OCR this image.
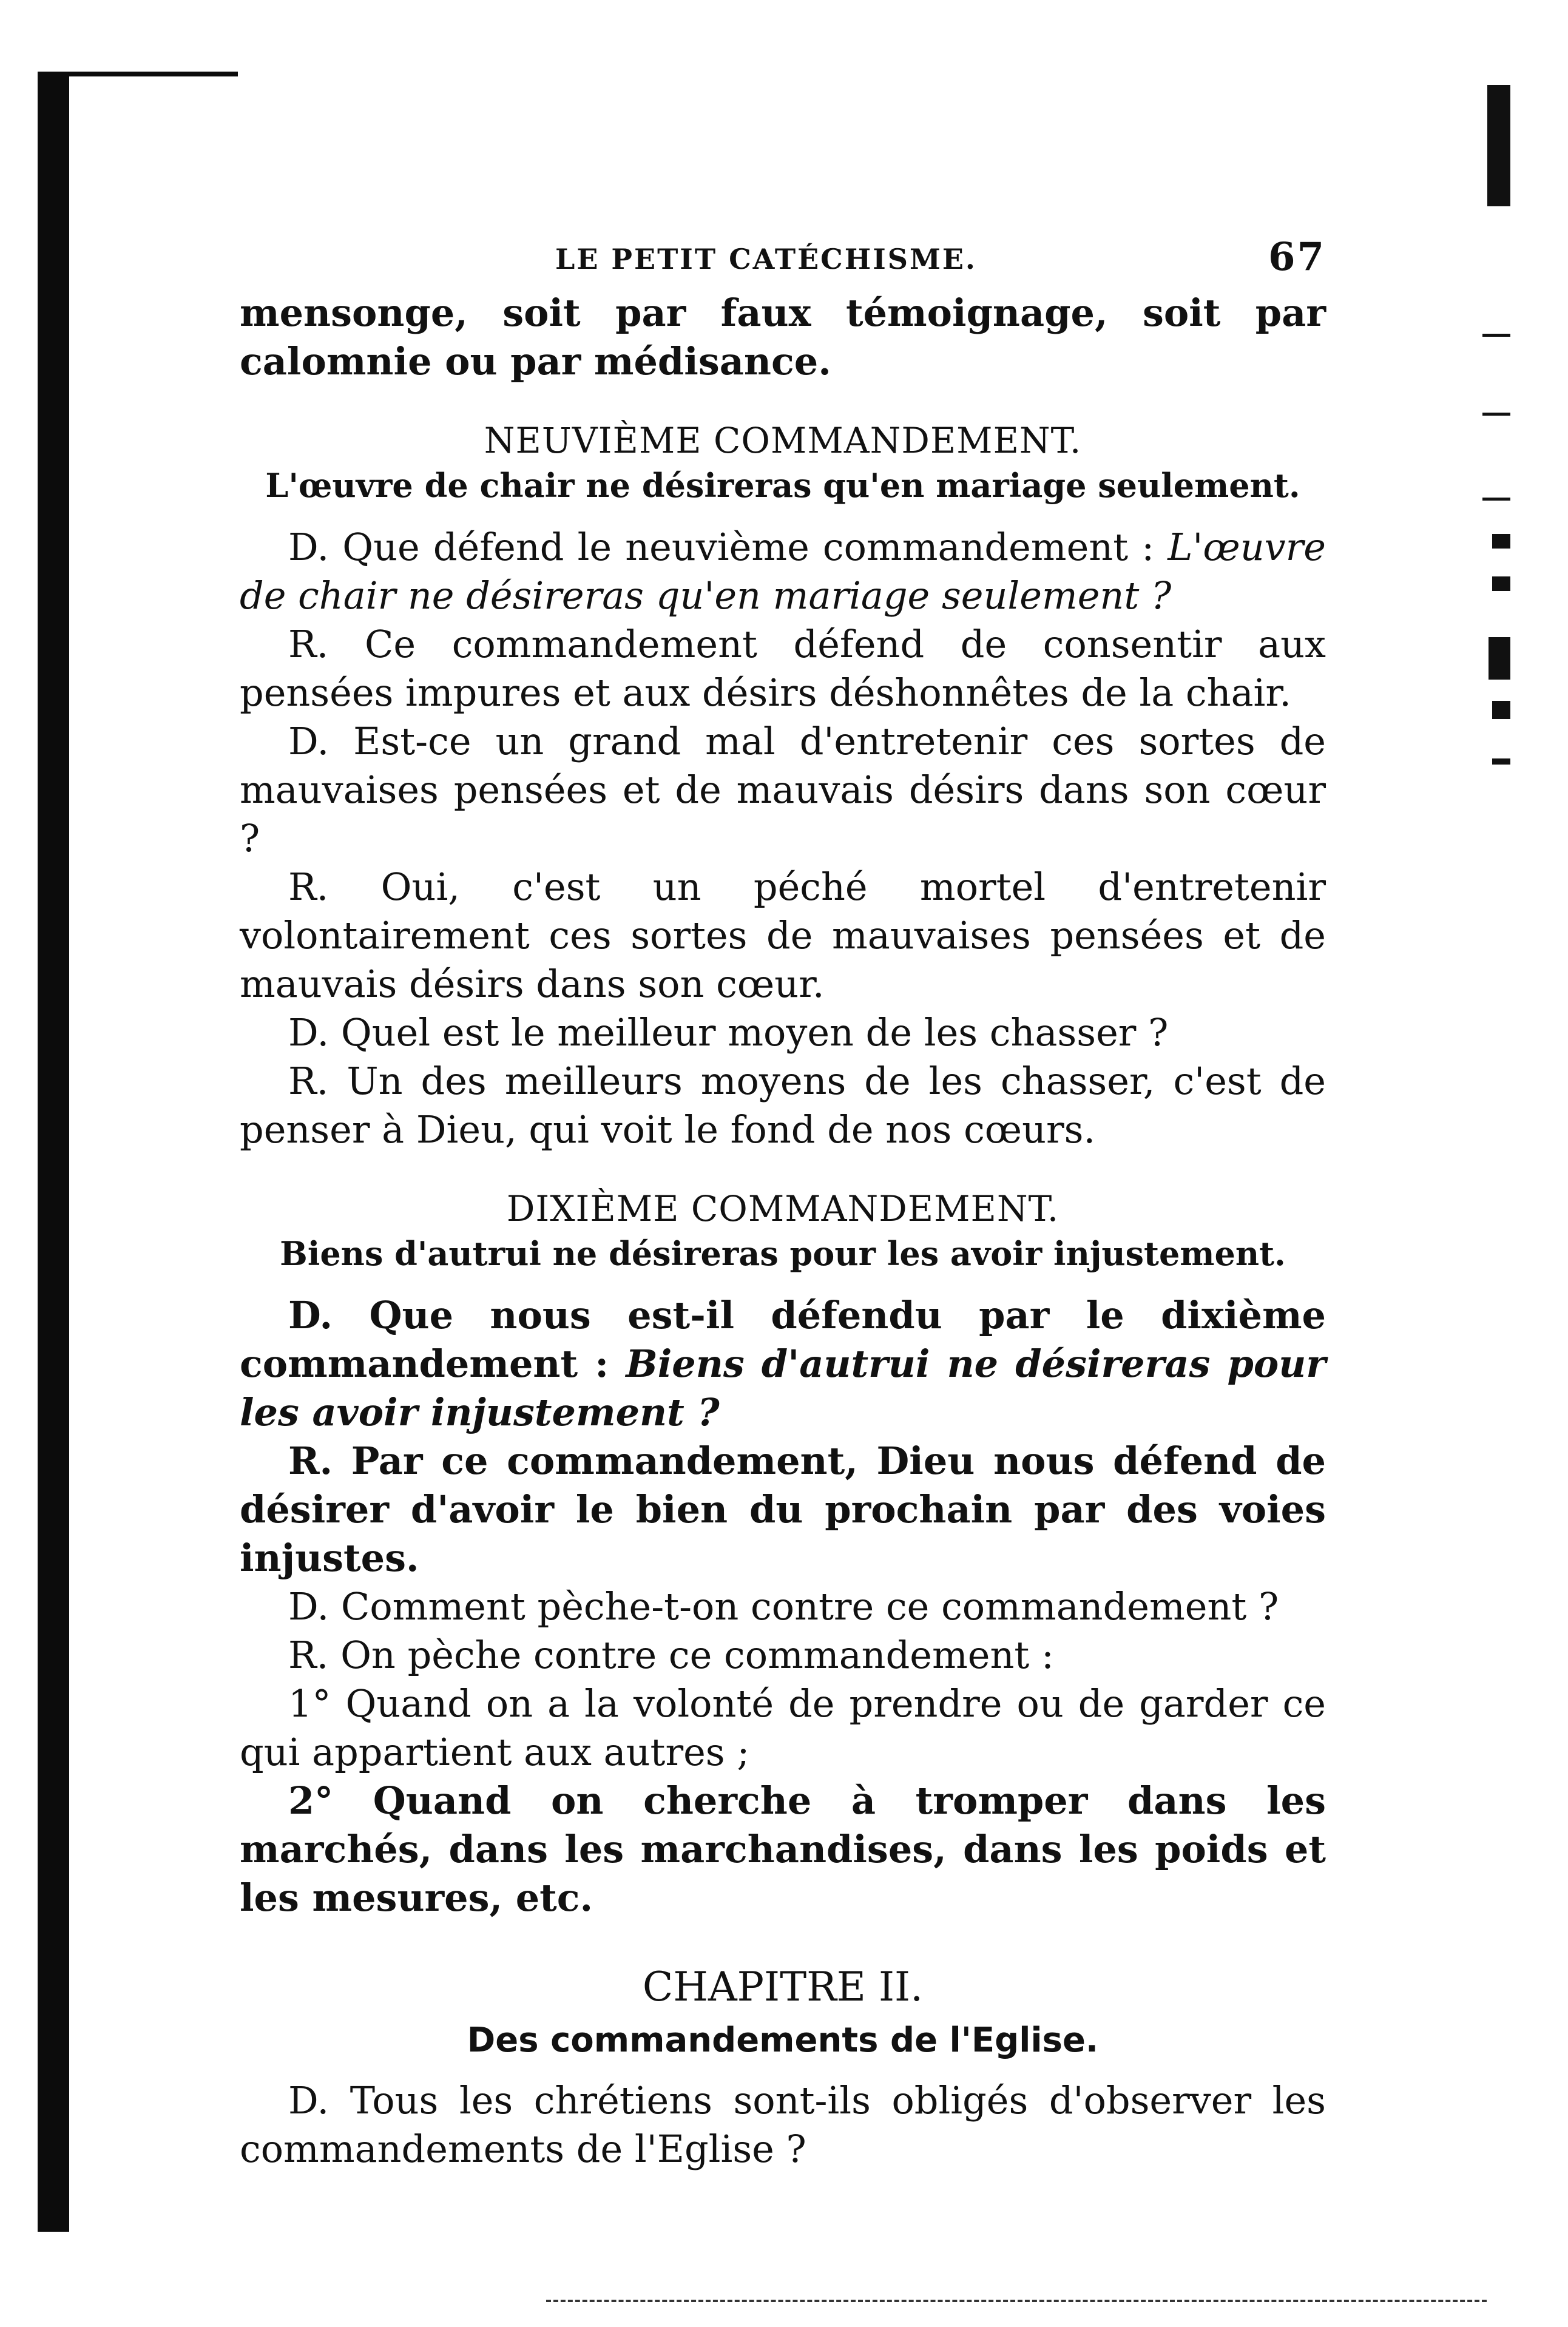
LE PETIT CATÉCHISME.	67

mensonge, soit par faux témoignage, soit par calomnie ou par médisance.

NEUVIÈME COMMANDEMENT.
L'œuvre de chair ne désireras qu'en mariage seulement.

D. Que défend le neuvième commandement : L'œuvre de chair ne désireras qu'en mariage seulement ?

R. Ce commandement défend de consentir aux pensées impures et aux désirs déshonnêtes de la chair.

D. Est-ce un grand mal d'entretenir ces sortes de mauvaises pensées et de mauvais désirs dans son cœur ?

R. Oui, c'est un péché mortel d'entretenir volontairement ces sortes de mauvaises pensées et de mauvais désirs dans son cœur.

D. Quel est le meilleur moyen de les chasser ?

R. Un des meilleurs moyens de les chasser, c'est de penser à Dieu, qui voit le fond de nos cœurs.

DIXIÈME COMMANDEMENT.
Biens d'autrui ne désireras pour les avoir injustement.

D. Que nous est-il défendu par le dixième commandement : Biens d'autrui ne désireras pour les avoir injustement ?

R. Par ce commandement, Dieu nous défend de désirer d'avoir le bien du prochain par des voies injustes.

D. Comment pèche-t-on contre ce commandement ?

R. On pèche contre ce commandement :

1° Quand on a la volonté de prendre ou de garder ce qui appartient aux autres ;

2° Quand on cherche à tromper dans les marchés, dans les marchandises, dans les poids et les mesures, etc.

CHAPITRE II.
Des commandements de l'Eglise.

D. Tous les chrétiens sont-ils obligés d'observer les commandements de l'Eglise ?
